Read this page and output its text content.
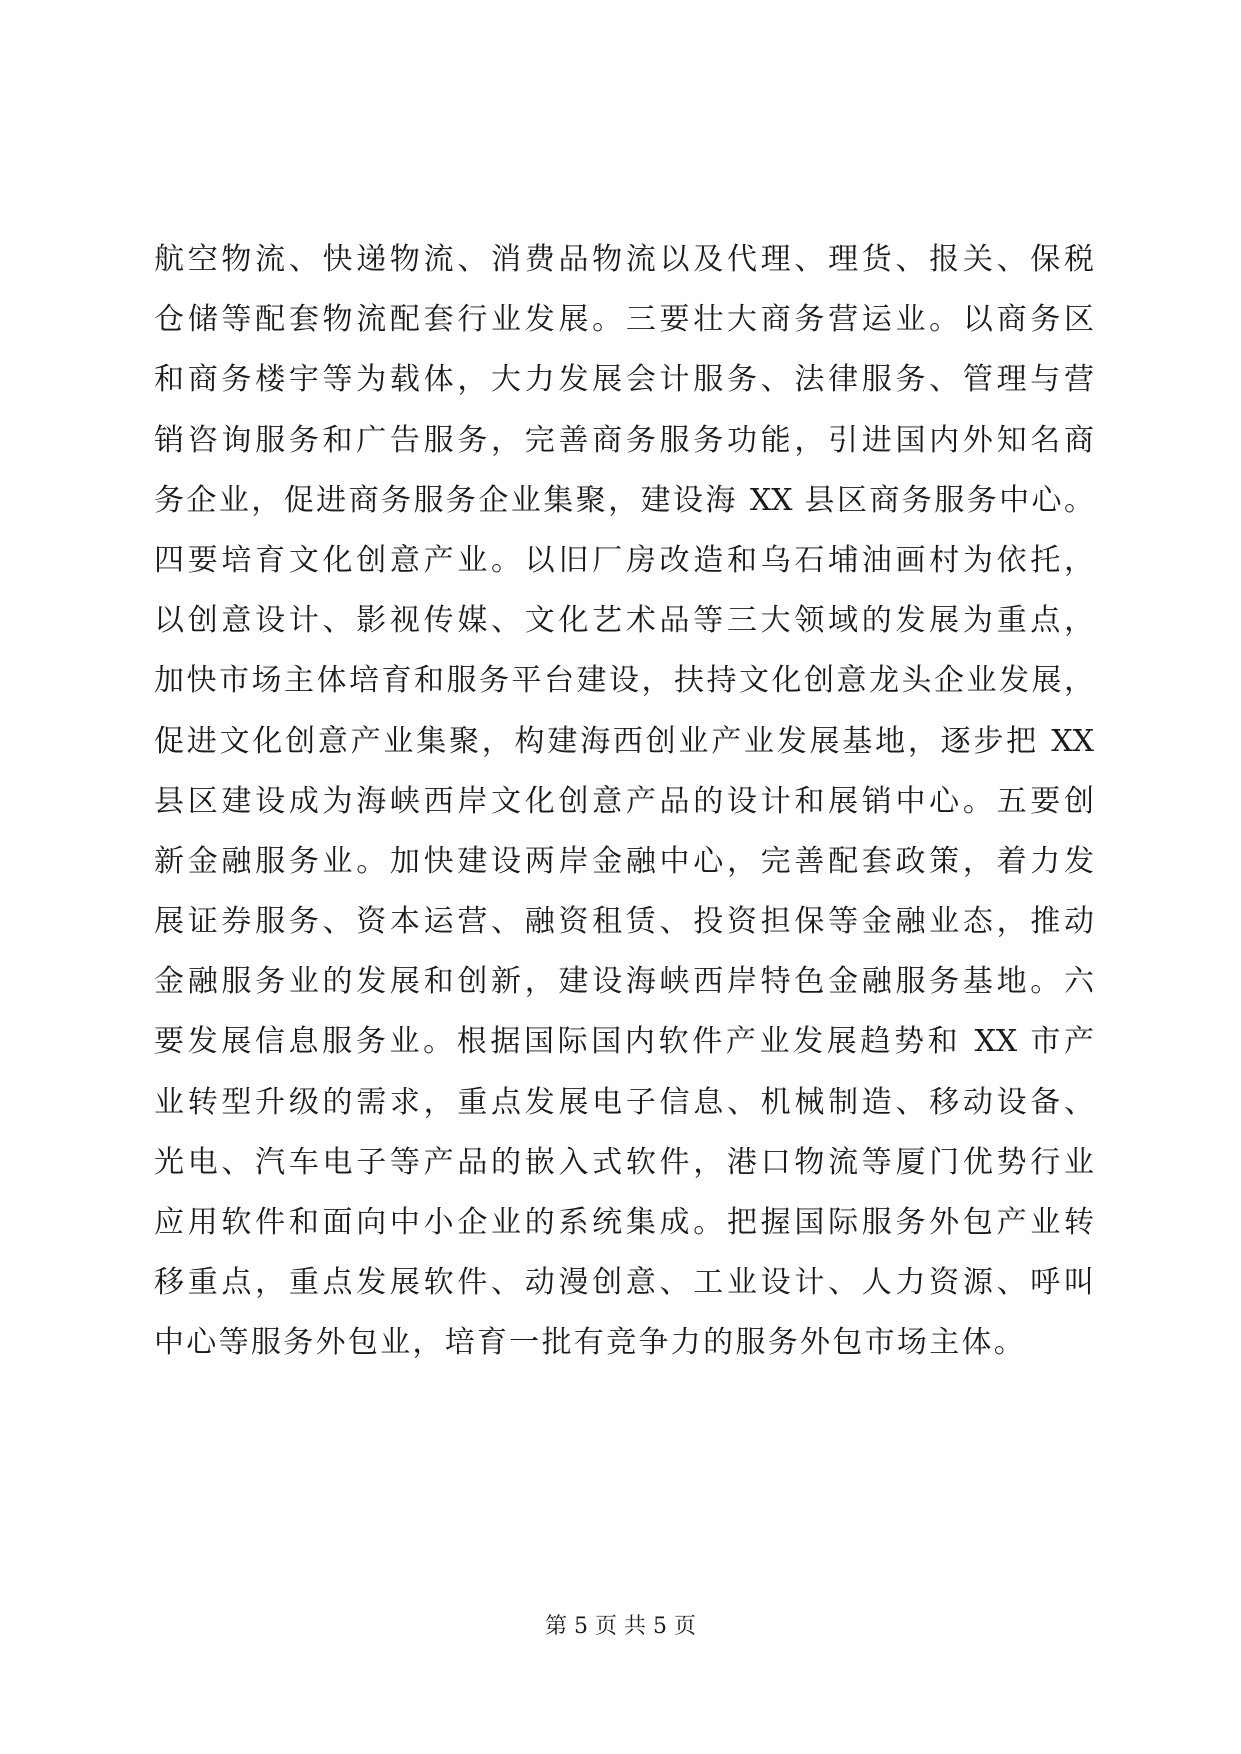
航空物流、快递物流、消费品物流以及代理、理货、报关、保税
仓储等配套物流配套行业发展。三要壮大商务营运业。以商务区
和商务楼宇等为载体，大力发展会计服务、法律服务、管理与营
销咨询服务和广告服务，完善商务服务功能，引进国内外知名商
务企业，促进商务服务企业集聚，建设海 XX 县区商务服务中心。
四要培育文化创意产业。以旧厂房改造和乌石埔油画村为依托，
以创意设计、影视传媒、文化艺术品等三大领域的发展为重点，
加快市场主体培育和服务平台建设，扶持文化创意龙头企业发展，
促进文化创意产业集聚，构建海西创业产业发展基地，逐步把 XX
县区建设成为海峡西岸文化创意产品的设计和展销中心。五要创
新金融服务业。加快建设两岸金融中心，完善配套政策，着力发
展证券服务、资本运营、融资租赁、投资担保等金融业态，推动
金融服务业的发展和创新，建设海峡西岸特色金融服务基地。六
要发展信息服务业。根据国际国内软件产业发展趋势和 XX 市产
业转型升级的需求，重点发展电子信息、机械制造、移动设备、
光电、汽车电子等产品的嵌入式软件，港口物流等厦门优势行业
应用软件和面向中小企业的系统集成。把握国际服务外包产业转
移重点，重点发展软件、动漫创意、工业设计、人力资源、呼叫
中心等服务外包业，培育一批有竞争力的服务外包市场主体。
第 5 页 共 5 页
